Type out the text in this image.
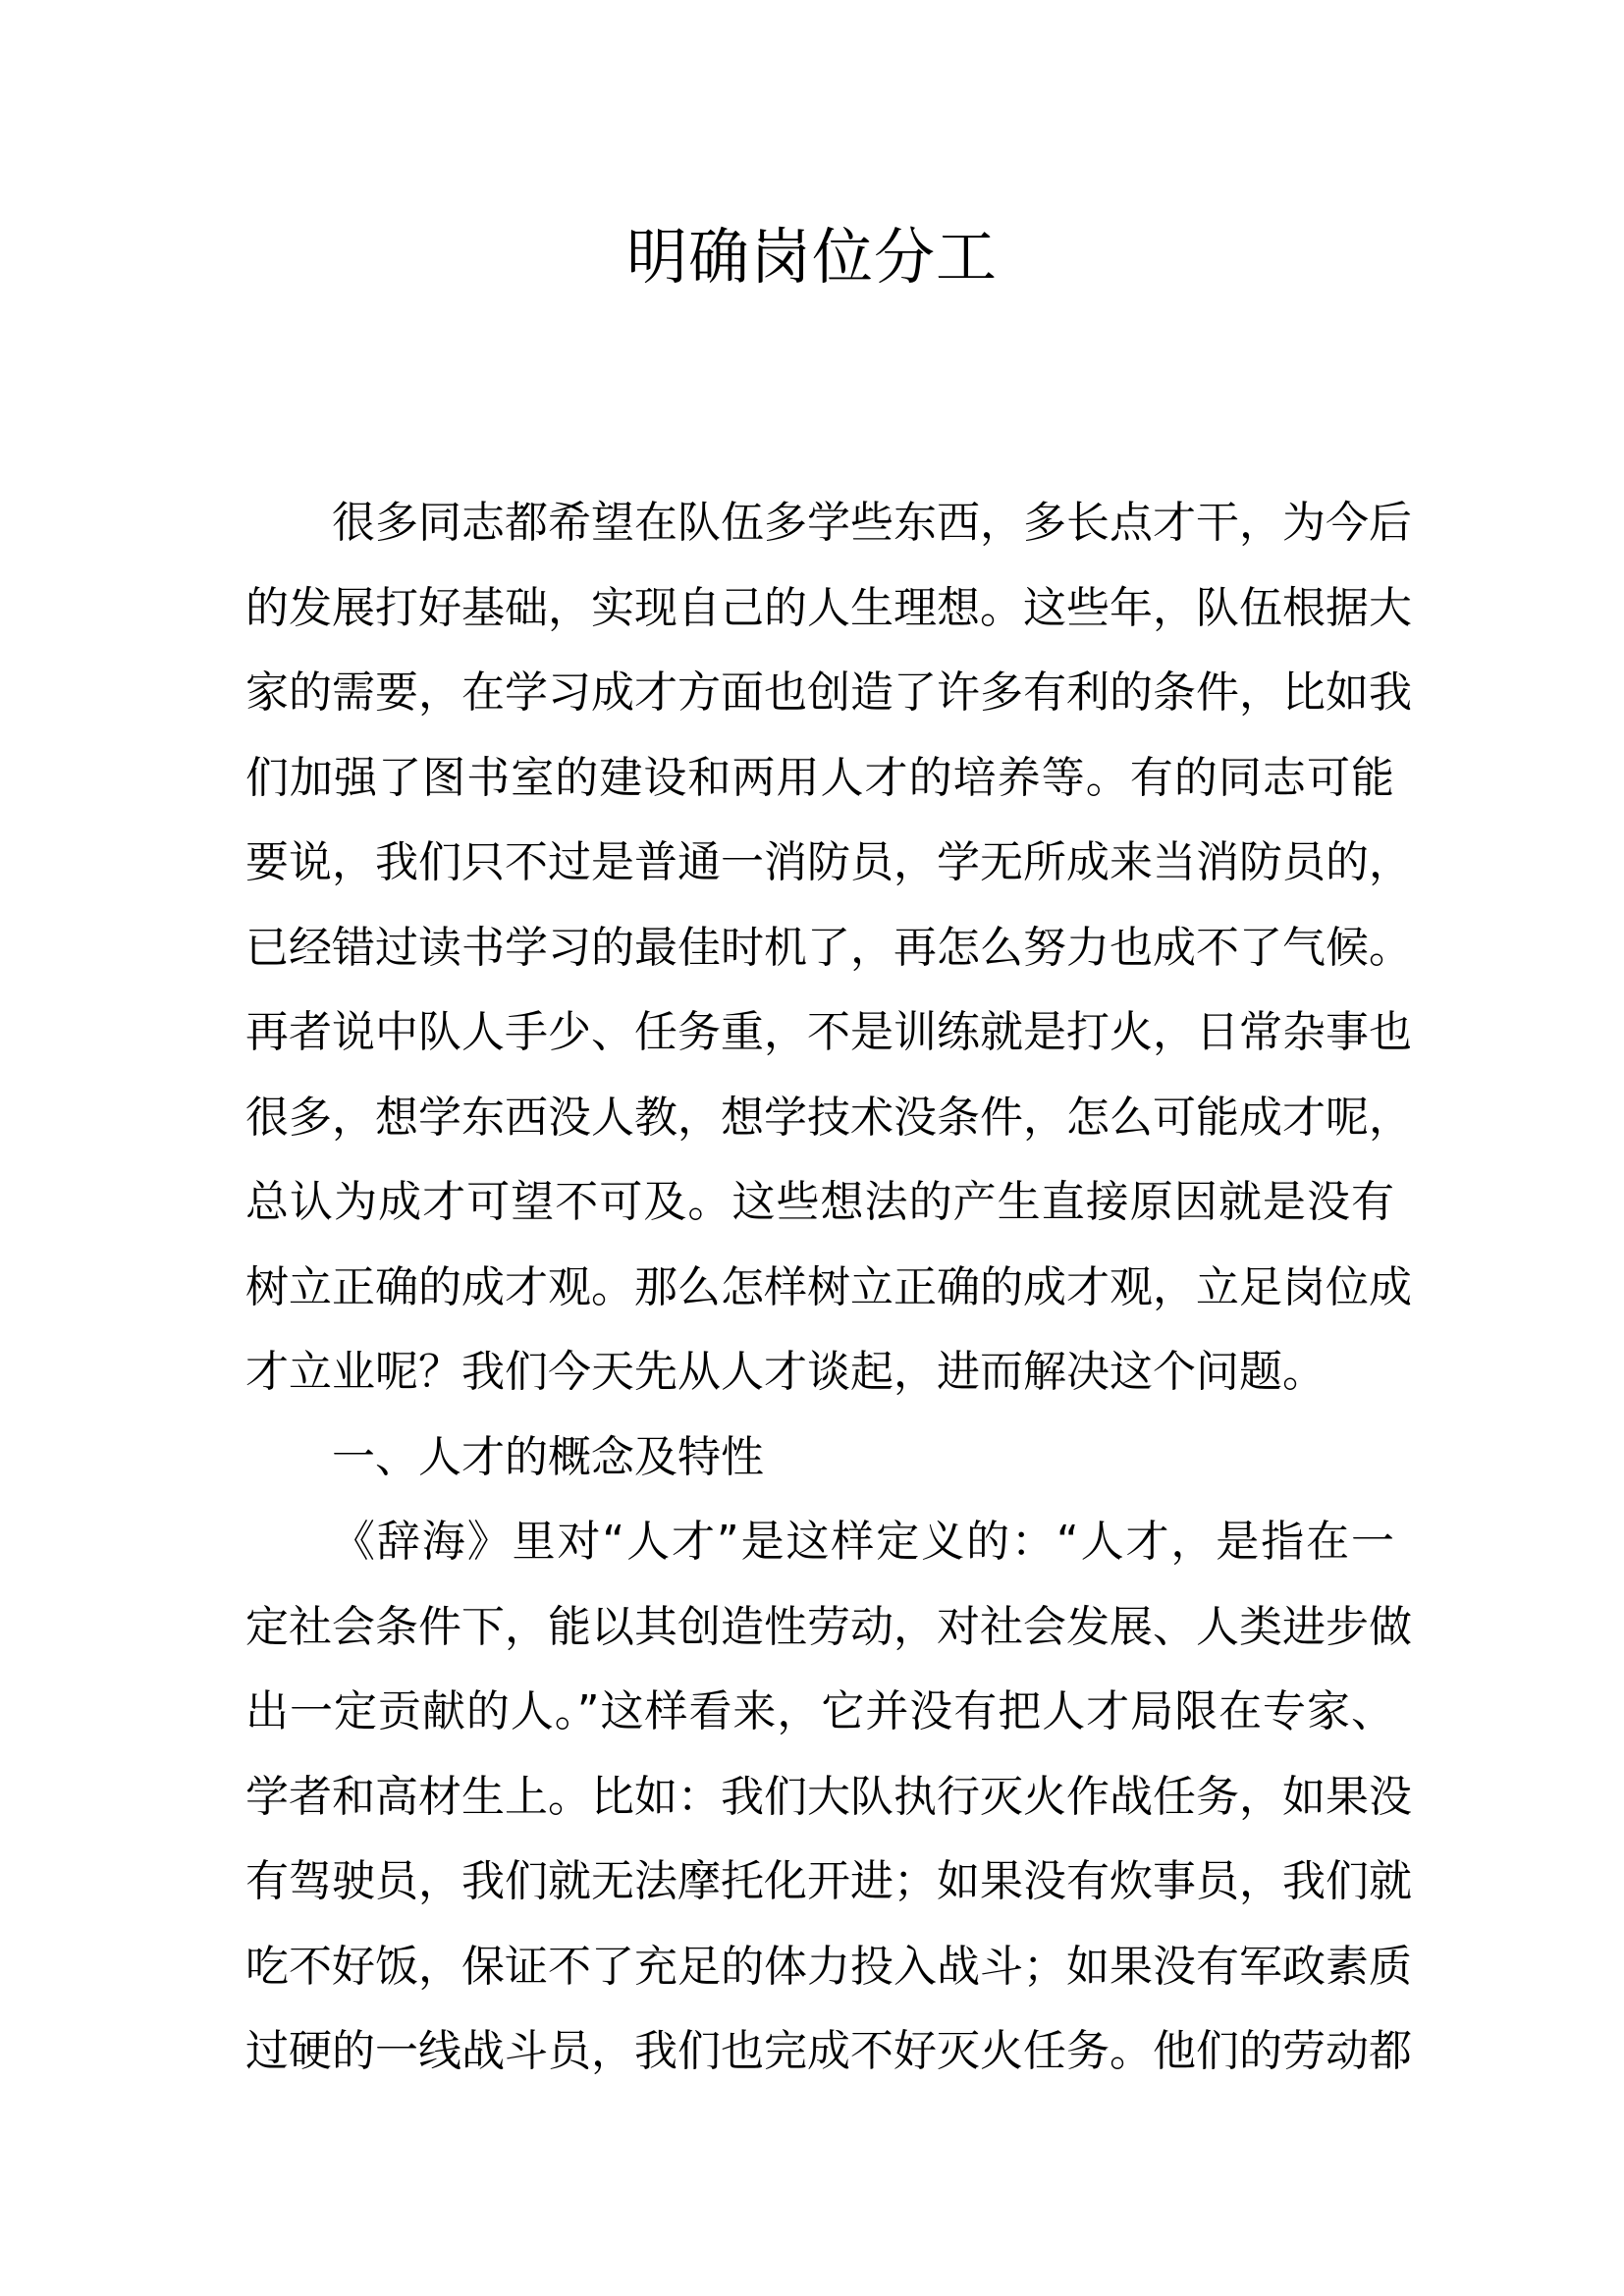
明确岗位分工
很多同志都希望在队伍多学些东西，多长点才干，为今后
的发展打好基础，实现自己的人生理想。这些年，队伍根据大
家的需要，在学习成才方面也创造了许多有利的条件，比如我
们加强了图书室的建设和两用人才的培养等。有的同志可能
要说，我们只不过是普通一消防员，学无所成来当消防员的，
已经错过读书学习的最佳时机了，再怎么努力也成不了气候。
再者说中队人手少、任务重，不是训练就是打火，日常杂事也
很多，想学东西没人教，想学技术没条件，怎么可能成才呢，
总认为成才可望不可及。这些想法的产生直接原因就是没有
树立正确的成才观。那么怎样树立正确的成才观，立足岗位成
才立业呢？我们今天先从人才谈起，进而解决这个问题。
一、人才的概念及特性
《辞海》里对“人才”是这样定义的：“人才，是指在一
定社会条件下，能以其创造性劳动，对社会发展、人类进步做
出一定贡献的人。”这样看来，它并没有把人才局限在专家、
学者和高材生上。比如：我们大队执行灭火作战任务，如果没
有驾驶员，我们就无法摩托化开进；如果没有炊事员，我们就
吃不好饭，保证不了充足的体力投入战斗；如果没有军政素质
过硬的一线战斗员，我们也完成不好灭火任务。他们的劳动都
